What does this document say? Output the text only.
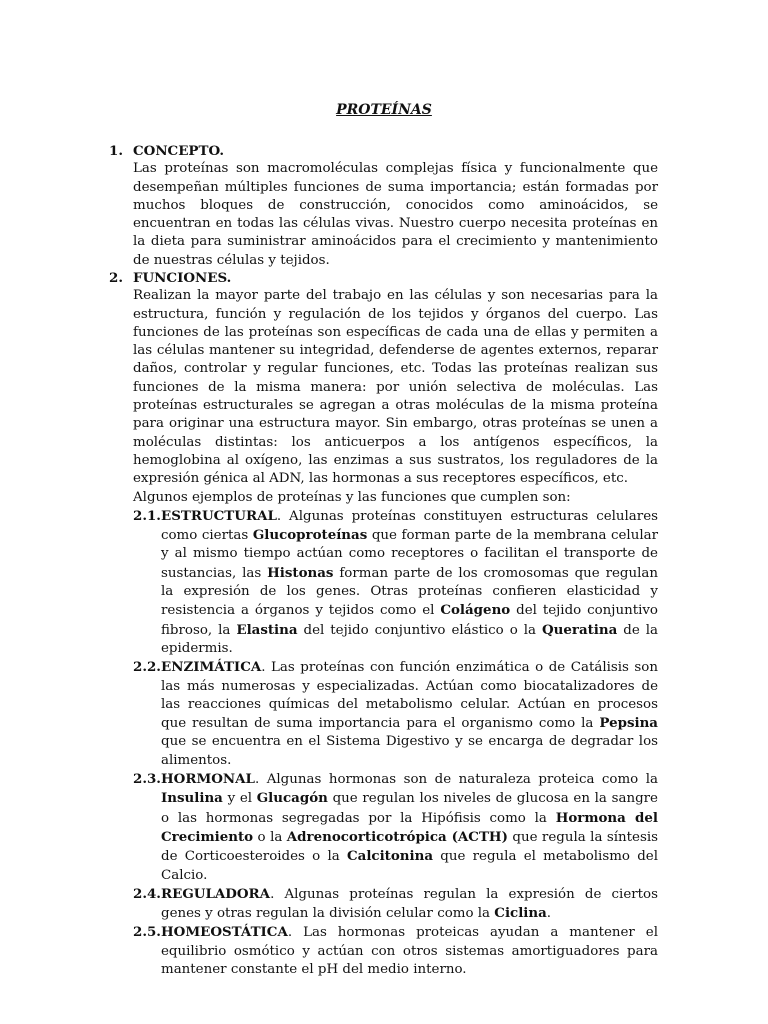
PROTEÍNAS
1. CONCEPTO.
Las proteínas son macromoléculas complejas física y funcionalmente que desempeñan múltiples funciones de suma importancia; están formadas por muchos bloques de construcción, conocidos como aminoácidos, se encuentran en todas las células vivas. Nuestro cuerpo necesita proteínas en la dieta para suministrar aminoácidos para el crecimiento y mantenimiento de nuestras células y tejidos.
2. FUNCIONES.
Realizan la mayor parte del trabajo en las células y son necesarias para la estructura, función y regulación de los tejidos y órganos del cuerpo. Las funciones de las proteínas son específicas de cada una de ellas y permiten a las células mantener su integridad, defenderse de agentes externos, reparar daños, controlar y regular funciones, etc. Todas las proteínas realizan sus funciones de la misma manera: por unión selectiva de moléculas. Las proteínas estructurales se agregan a otras moléculas de la misma proteína para originar una estructura mayor. Sin embargo, otras proteínas se unen a moléculas distintas: los anticuerpos a los antígenos específicos, la hemoglobina al oxígeno, las enzimas a sus sustratos, los reguladores de la expresión génica al ADN, las hormonas a sus receptores específicos, etc.
Algunos ejemplos de proteínas y las funciones que cumplen son:
2.1. ESTRUCTURAL. Algunas proteínas constituyen estructuras celulares como ciertas Glucoproteínas que forman parte de la membrana celular y al mismo tiempo actúan como receptores o facilitan el transporte de sustancias, las Histonas forman parte de los cromosomas que regulan la expresión de los genes. Otras proteínas confieren elasticidad y resistencia a órganos y tejidos como el Colágeno del tejido conjuntivo fibroso, la Elastina del tejido conjuntivo elástico o la Queratina de la epidermis.
2.2. ENZIMÁTICA. Las proteínas con función enzimática o de Catálisis son las más numerosas y especializadas. Actúan como biocatalizadores de las reacciones químicas del metabolismo celular. Actúan en procesos que resultan de suma importancia para el organismo como la Pepsina que se encuentra en el Sistema Digestivo y se encarga de degradar los alimentos.
2.3. HORMONAL. Algunas hormonas son de naturaleza proteica como la Insulina y el Glucagón que regulan los niveles de glucosa en la sangre o las hormonas segregadas por la Hipófisis como la Hormona del Crecimiento o la Adrenocorticotrópica (ACTH) que regula la síntesis de Corticoesteroides o la Calcitonina que regula el metabolismo del Calcio.
2.4. REGULADORA. Algunas proteínas regulan la expresión de ciertos genes y otras regulan la división celular como la Ciclina.
2.5. HOMEOSTÁTICA. Las hormonas proteicas ayudan a mantener el equilibrio osmótico y actúan con otros sistemas amortiguadores para mantener constante el pH del medio interno.
